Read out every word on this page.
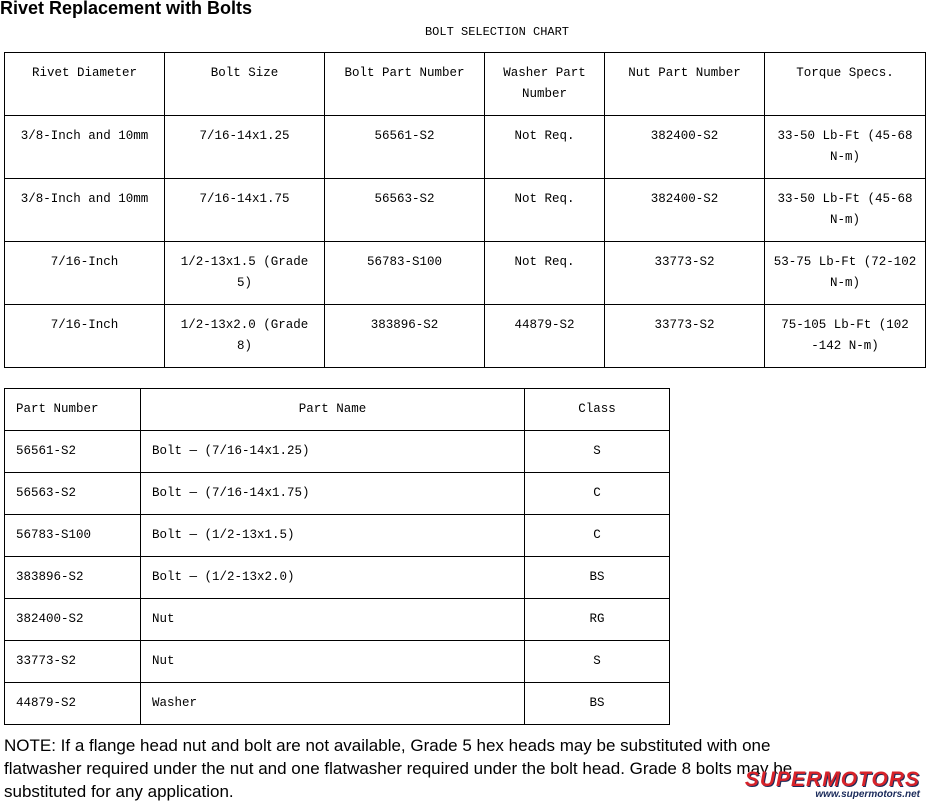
Rivet Replacement with Bolts
BOLT SELECTION CHART
Rivet Diameter	Bolt Size	Bolt Part Number	Washer Part Number	Nut Part Number	Torque Specs.
3/8-Inch and 10mm	7/16-14x1.25	56561-S2	Not Req.	382400-S2	33-50 Lb-Ft (45-68 N-m)
3/8-Inch and 10mm	7/16-14x1.75	56563-S2	Not Req.	382400-S2	33-50 Lb-Ft (45-68 N-m)
7/16-Inch	1/2-13x1.5 (Grade 5)	56783-S100	Not Req.	33773-S2	53-75 Lb-Ft (72-102 N-m)
7/16-Inch	1/2-13x2.0 (Grade 8)	383896-S2	44879-S2	33773-S2	75-105 Lb-Ft (102 -142 N-m)
Part Number	Part Name	Class
56561-S2	Bolt — (7/16-14x1.25)	S
56563-S2	Bolt — (7/16-14x1.75)	C
56783-S100	Bolt — (1/2-13x1.5)	C
383896-S2	Bolt — (1/2-13x2.0)	BS
382400-S2	Nut	RG
33773-S2	Nut	S
44879-S2	Washer	BS
NOTE: If a flange head nut and bolt are not available, Grade 5 hex heads may be substituted with one flatwasher required under the nut and one flatwasher required under the bolt head. Grade 8 bolts may be substituted for any application.
SUPERMOTORS
www.supermotors.net
